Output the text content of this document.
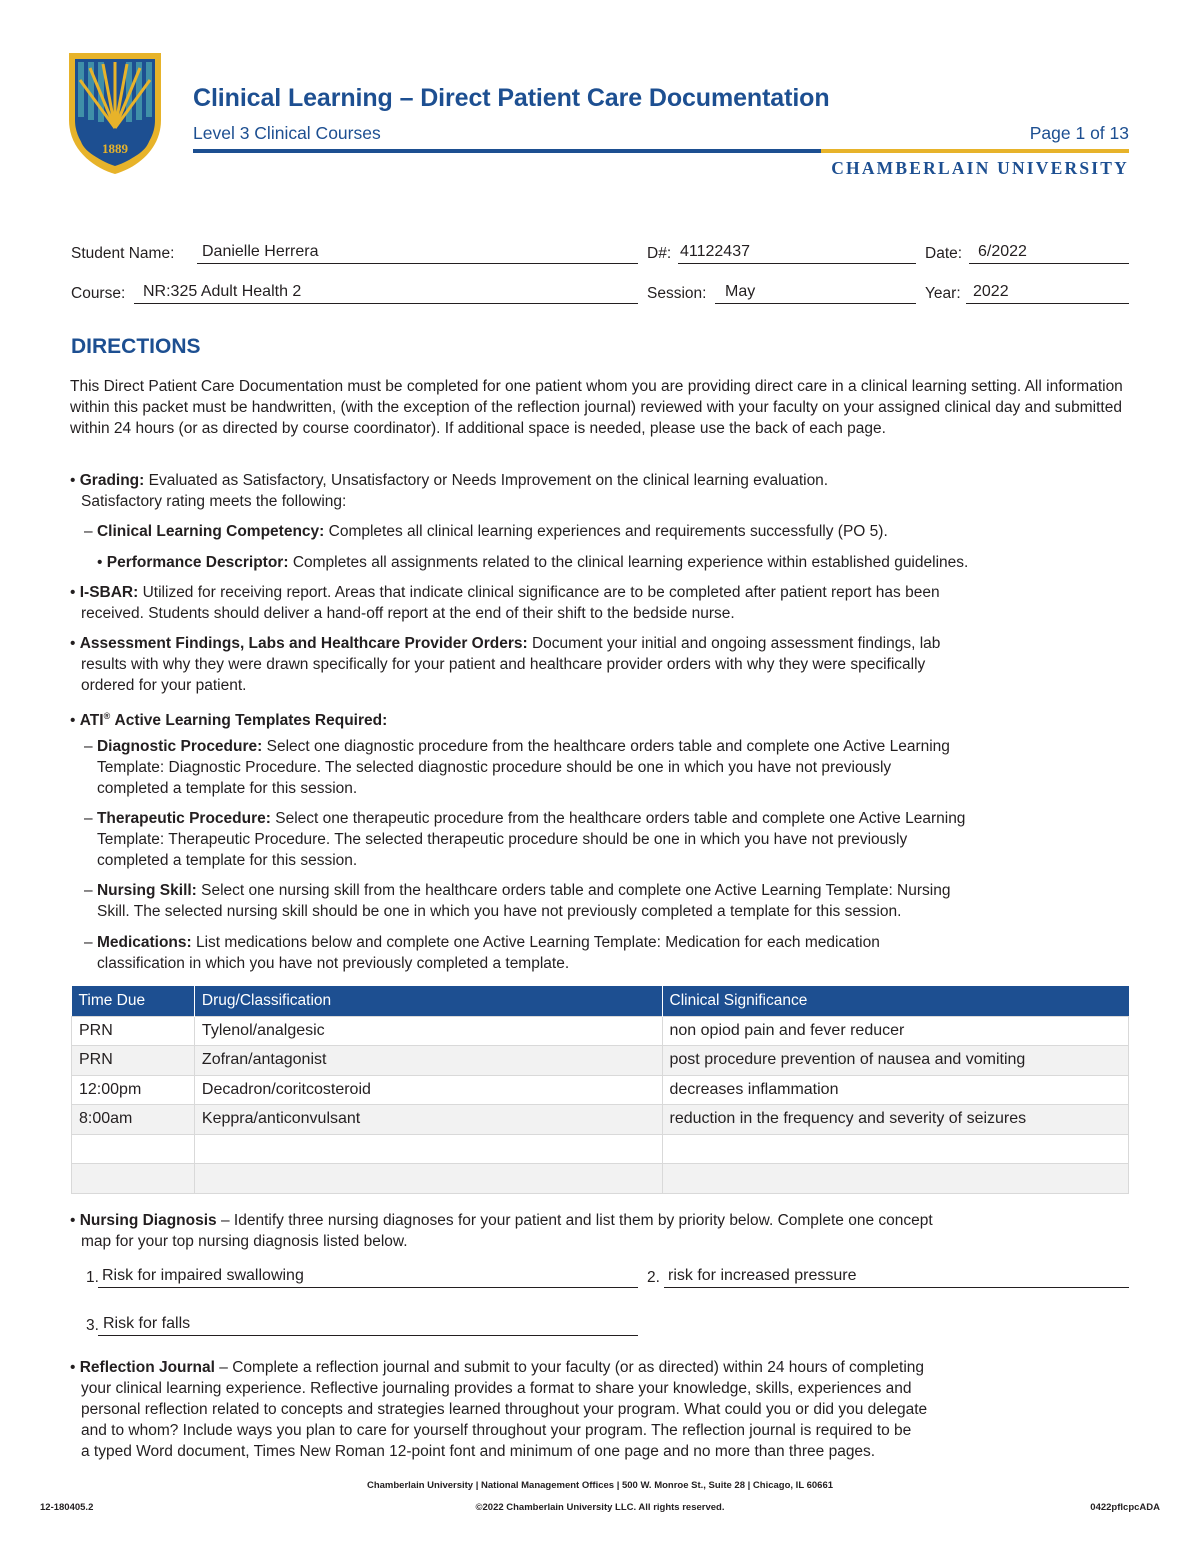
1889
Clinical Learning – Direct Patient Care Documentation
Level 3 Clinical Courses	Page 1 of 13
CHAMBERLAIN UNIVERSITY
Student Name: Danielle Herrera	D#: 41122437	Date: 6/2022
Course: NR:325 Adult Health 2	Session: May	Year: 2022
DIRECTIONS
This Direct Patient Care Documentation must be completed for one patient whom you are providing direct care in a clinical learning setting. All information within this packet must be handwritten, (with the exception of the reflection journal) reviewed with your faculty on your assigned clinical day and submitted within 24 hours (or as directed by course coordinator). If additional space is needed, please use the back of each page.
• Grading: Evaluated as Satisfactory, Unsatisfactory or Needs Improvement on the clinical learning evaluation.
Satisfactory rating meets the following:
– Clinical Learning Competency: Completes all clinical learning experiences and requirements successfully (PO 5).
• Performance Descriptor: Completes all assignments related to the clinical learning experience within established guidelines.
• I-SBAR: Utilized for receiving report. Areas that indicate clinical significance are to be completed after patient report has been
received. Students should deliver a hand-off report at the end of their shift to the bedside nurse.
• Assessment Findings, Labs and Healthcare Provider Orders: Document your initial and ongoing assessment findings, lab
results with why they were drawn specifically for your patient and healthcare provider orders with why they were specifically
ordered for your patient.
• ATI® Active Learning Templates Required:
– Diagnostic Procedure: Select one diagnostic procedure from the healthcare orders table and complete one Active Learning
Template: Diagnostic Procedure. The selected diagnostic procedure should be one in which you have not previously
completed a template for this session.
– Therapeutic Procedure: Select one therapeutic procedure from the healthcare orders table and complete one Active Learning
Template: Therapeutic Procedure. The selected therapeutic procedure should be one in which you have not previously
completed a template for this session.
– Nursing Skill: Select one nursing skill from the healthcare orders table and complete one Active Learning Template: Nursing
Skill. The selected nursing skill should be one in which you have not previously completed a template for this session.
– Medications: List medications below and complete one Active Learning Template: Medication for each medication
classification in which you have not previously completed a template.
Time Due	Drug/Classification	Clinical Significance
PRN	Tylenol/analgesic	non opiod pain and fever reducer
PRN	Zofran/antagonist	post procedure prevention of nausea and vomiting
12:00pm	Decadron/coritcosteroid	decreases inflammation
8:00am	Keppra/anticonvulsant	reduction in the frequency and severity of seizures

• Nursing Diagnosis – Identify three nursing diagnoses for your patient and list them by priority below. Complete one concept
map for your top nursing diagnosis listed below.
1. Risk for impaired swallowing	2. risk for increased pressure
3. Risk for falls
• Reflection Journal – Complete a reflection journal and submit to your faculty (or as directed) within 24 hours of completing
your clinical learning experience. Reflective journaling provides a format to share your knowledge, skills, experiences and
personal reflection related to concepts and strategies learned throughout your program. What could you or did you delegate
and to whom? Include ways you plan to care for yourself throughout your program. The reflection journal is required to be
a typed Word document, Times New Roman 12-point font and minimum of one page and no more than three pages.
Chamberlain University | National Management Offices | 500 W. Monroe St., Suite 28 | Chicago, IL 60661
©2022 Chamberlain University LLC. All rights reserved.
12-180405.2	0422pflcpcADA
